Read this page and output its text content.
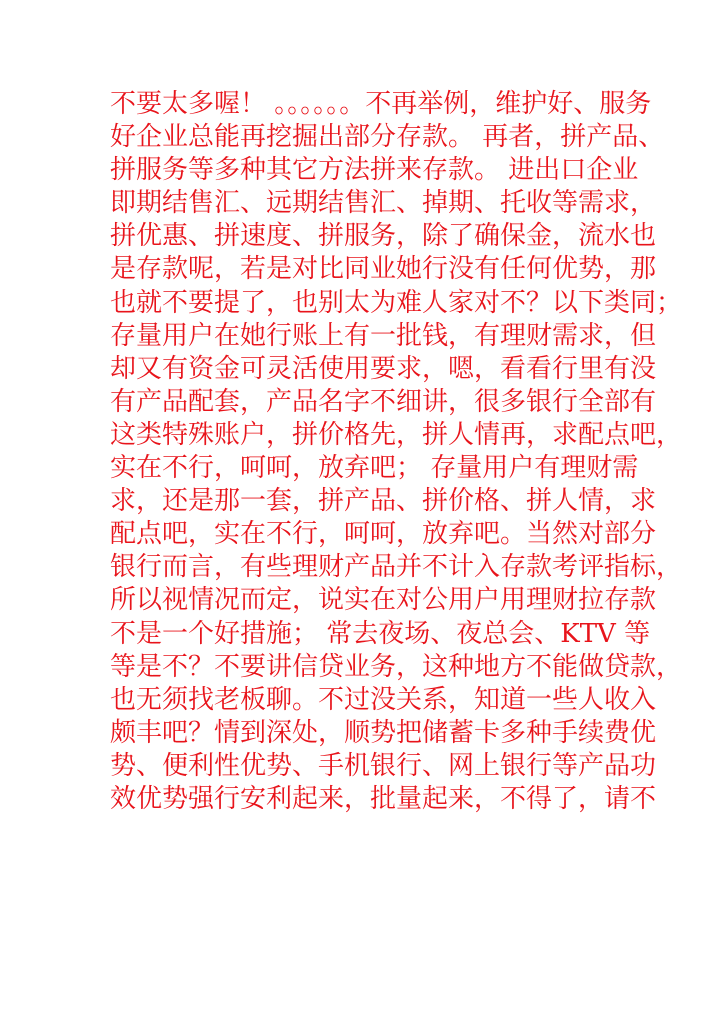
不要太多喔！ 。。。。。。不再举例，维护好、服务
好企业总能再挖掘出部分存款。 再者，拼产品、
拼服务等多种其它方法拼来存款。 进出口企业
即期结售汇、远期结售汇、掉期、托收等需求，
拼优惠、拼速度、拼服务，除了确保金，流水也
是存款呢，若是对比同业她行没有任何优势，那
也就不要提了，也别太为难人家对不？以下类同；
存量用户在她行账上有一批钱，有理财需求，但
却又有资金可灵活使用要求，嗯，看看行里有没
有产品配套，产品名字不细讲，很多银行全部有
这类特殊账户，拼价格先，拼人情再，求配点吧，
实在不行，呵呵，放弃吧； 存量用户有理财需
求，还是那一套，拼产品、拼价格、拼人情，求
配点吧，实在不行，呵呵，放弃吧。当然对部分
银行而言，有些理财产品并不计入存款考评指标，
所以视情况而定，说实在对公用户用理财拉存款
不是一个好措施； 常去夜场、夜总会、KTV 等
等是不？不要讲信贷业务，这种地方不能做贷款，
也无须找老板聊。不过没关系，知道一些人收入
颇丰吧？情到深处，顺势把储蓄卡多种手续费优
势、便利性优势、手机银行、网上银行等产品功
效优势强行安利起来，批量起来，不得了，请不
